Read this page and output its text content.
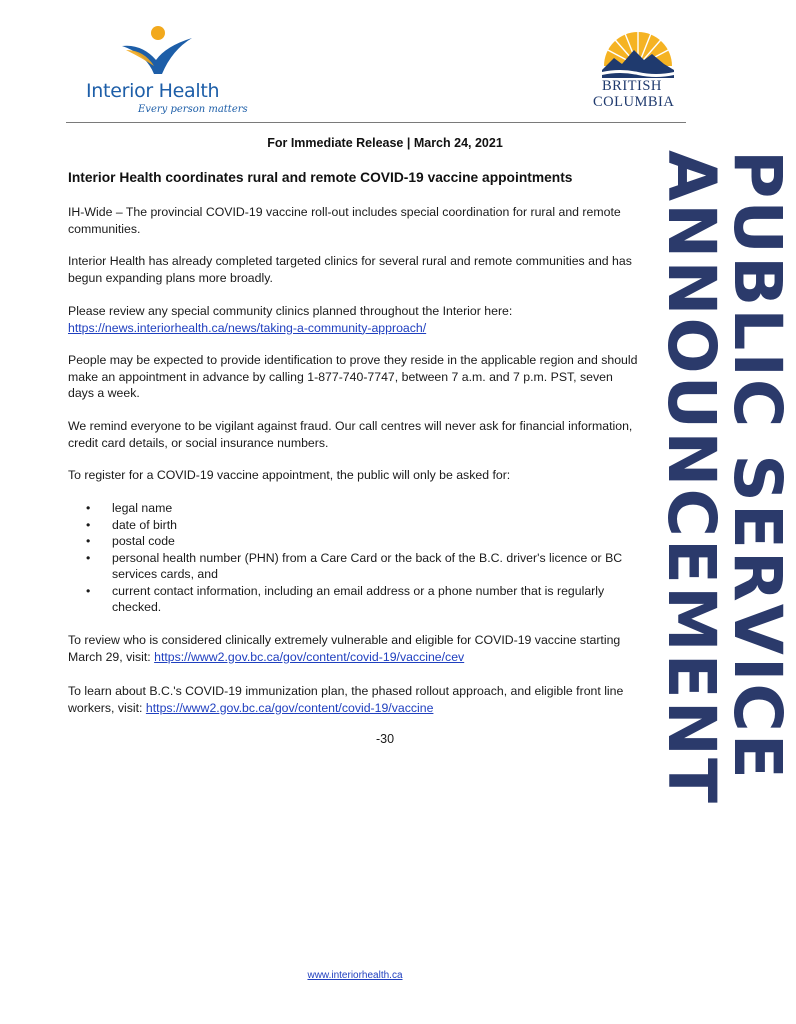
Interior Health
Every person matters
BRITISH
COLUMBIA
For Immediate Release | March 24, 2021
Interior Health coordinates rural and remote COVID-19 vaccine appointments

IH-Wide – The provincial COVID-19 vaccine roll-out includes special coordination for rural and remote communities.

Interior Health has already completed targeted clinics for several rural and remote communities and has begun expanding plans more broadly.

Please review any special community clinics planned throughout the Interior here:
https://news.interiorhealth.ca/news/taking-a-community-approach/

People may be expected to provide identification to prove they reside in the applicable region and should make an appointment in advance by calling 1-877-740-7747, between 7 a.m. and 7 p.m. PST, seven days a week.

We remind everyone to be vigilant against fraud. Our call centres will never ask for financial information, credit card details, or social insurance numbers.

To register for a COVID-19 vaccine appointment, the public will only be asked for:

• legal name
• date of birth
• postal code
• personal health number (PHN) from a Care Card or the back of the B.C. driver's licence or BC services cards, and
• current contact information, including an email address or a phone number that is regularly checked.

To review who is considered clinically extremely vulnerable and eligible for COVID-19 vaccine starting March 29, visit: https://www2.gov.bc.ca/gov/content/covid-19/vaccine/cev

To learn about B.C.'s COVID-19 immunization plan, the phased rollout approach, and eligible front line workers, visit: https://www2.gov.bc.ca/gov/content/covid-19/vaccine

-30	PUBLIC SERVICE
ANNOUNCEMENT
www.interiorhealth.ca
